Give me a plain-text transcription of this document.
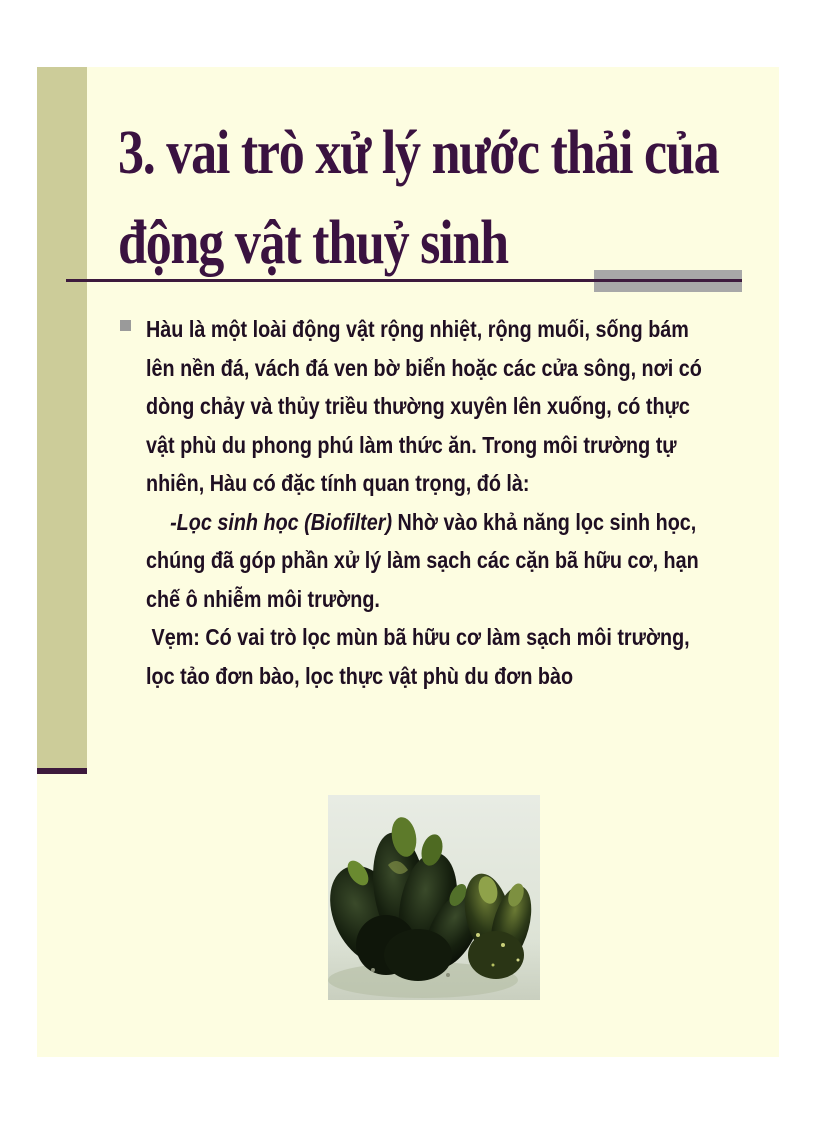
3. vai trò xử lý nước thải của
động vật thuỷ sinh
Hàu là một loài động vật rộng nhiệt, rộng muối, sống bám
lên nền đá, vách đá ven bờ biển hoặc các cửa sông, nơi có
dòng chảy và thủy triều thường xuyên lên xuống, có thực
vật phù du phong phú làm thức ăn. Trong môi trường tự
nhiên, Hàu có đặc tính quan trọng, đó là:
-Lọc sinh học (Biofilter) Nhờ vào khả năng lọc sinh học,
chúng đã góp phần xử lý làm sạch các cặn bã hữu cơ, hạn
chế ô nhiễm môi trường.
Vẹm: Có vai trò lọc mùn bã hữu cơ làm sạch môi trường,
lọc tảo đơn bào, lọc thực vật phù du đơn bào
